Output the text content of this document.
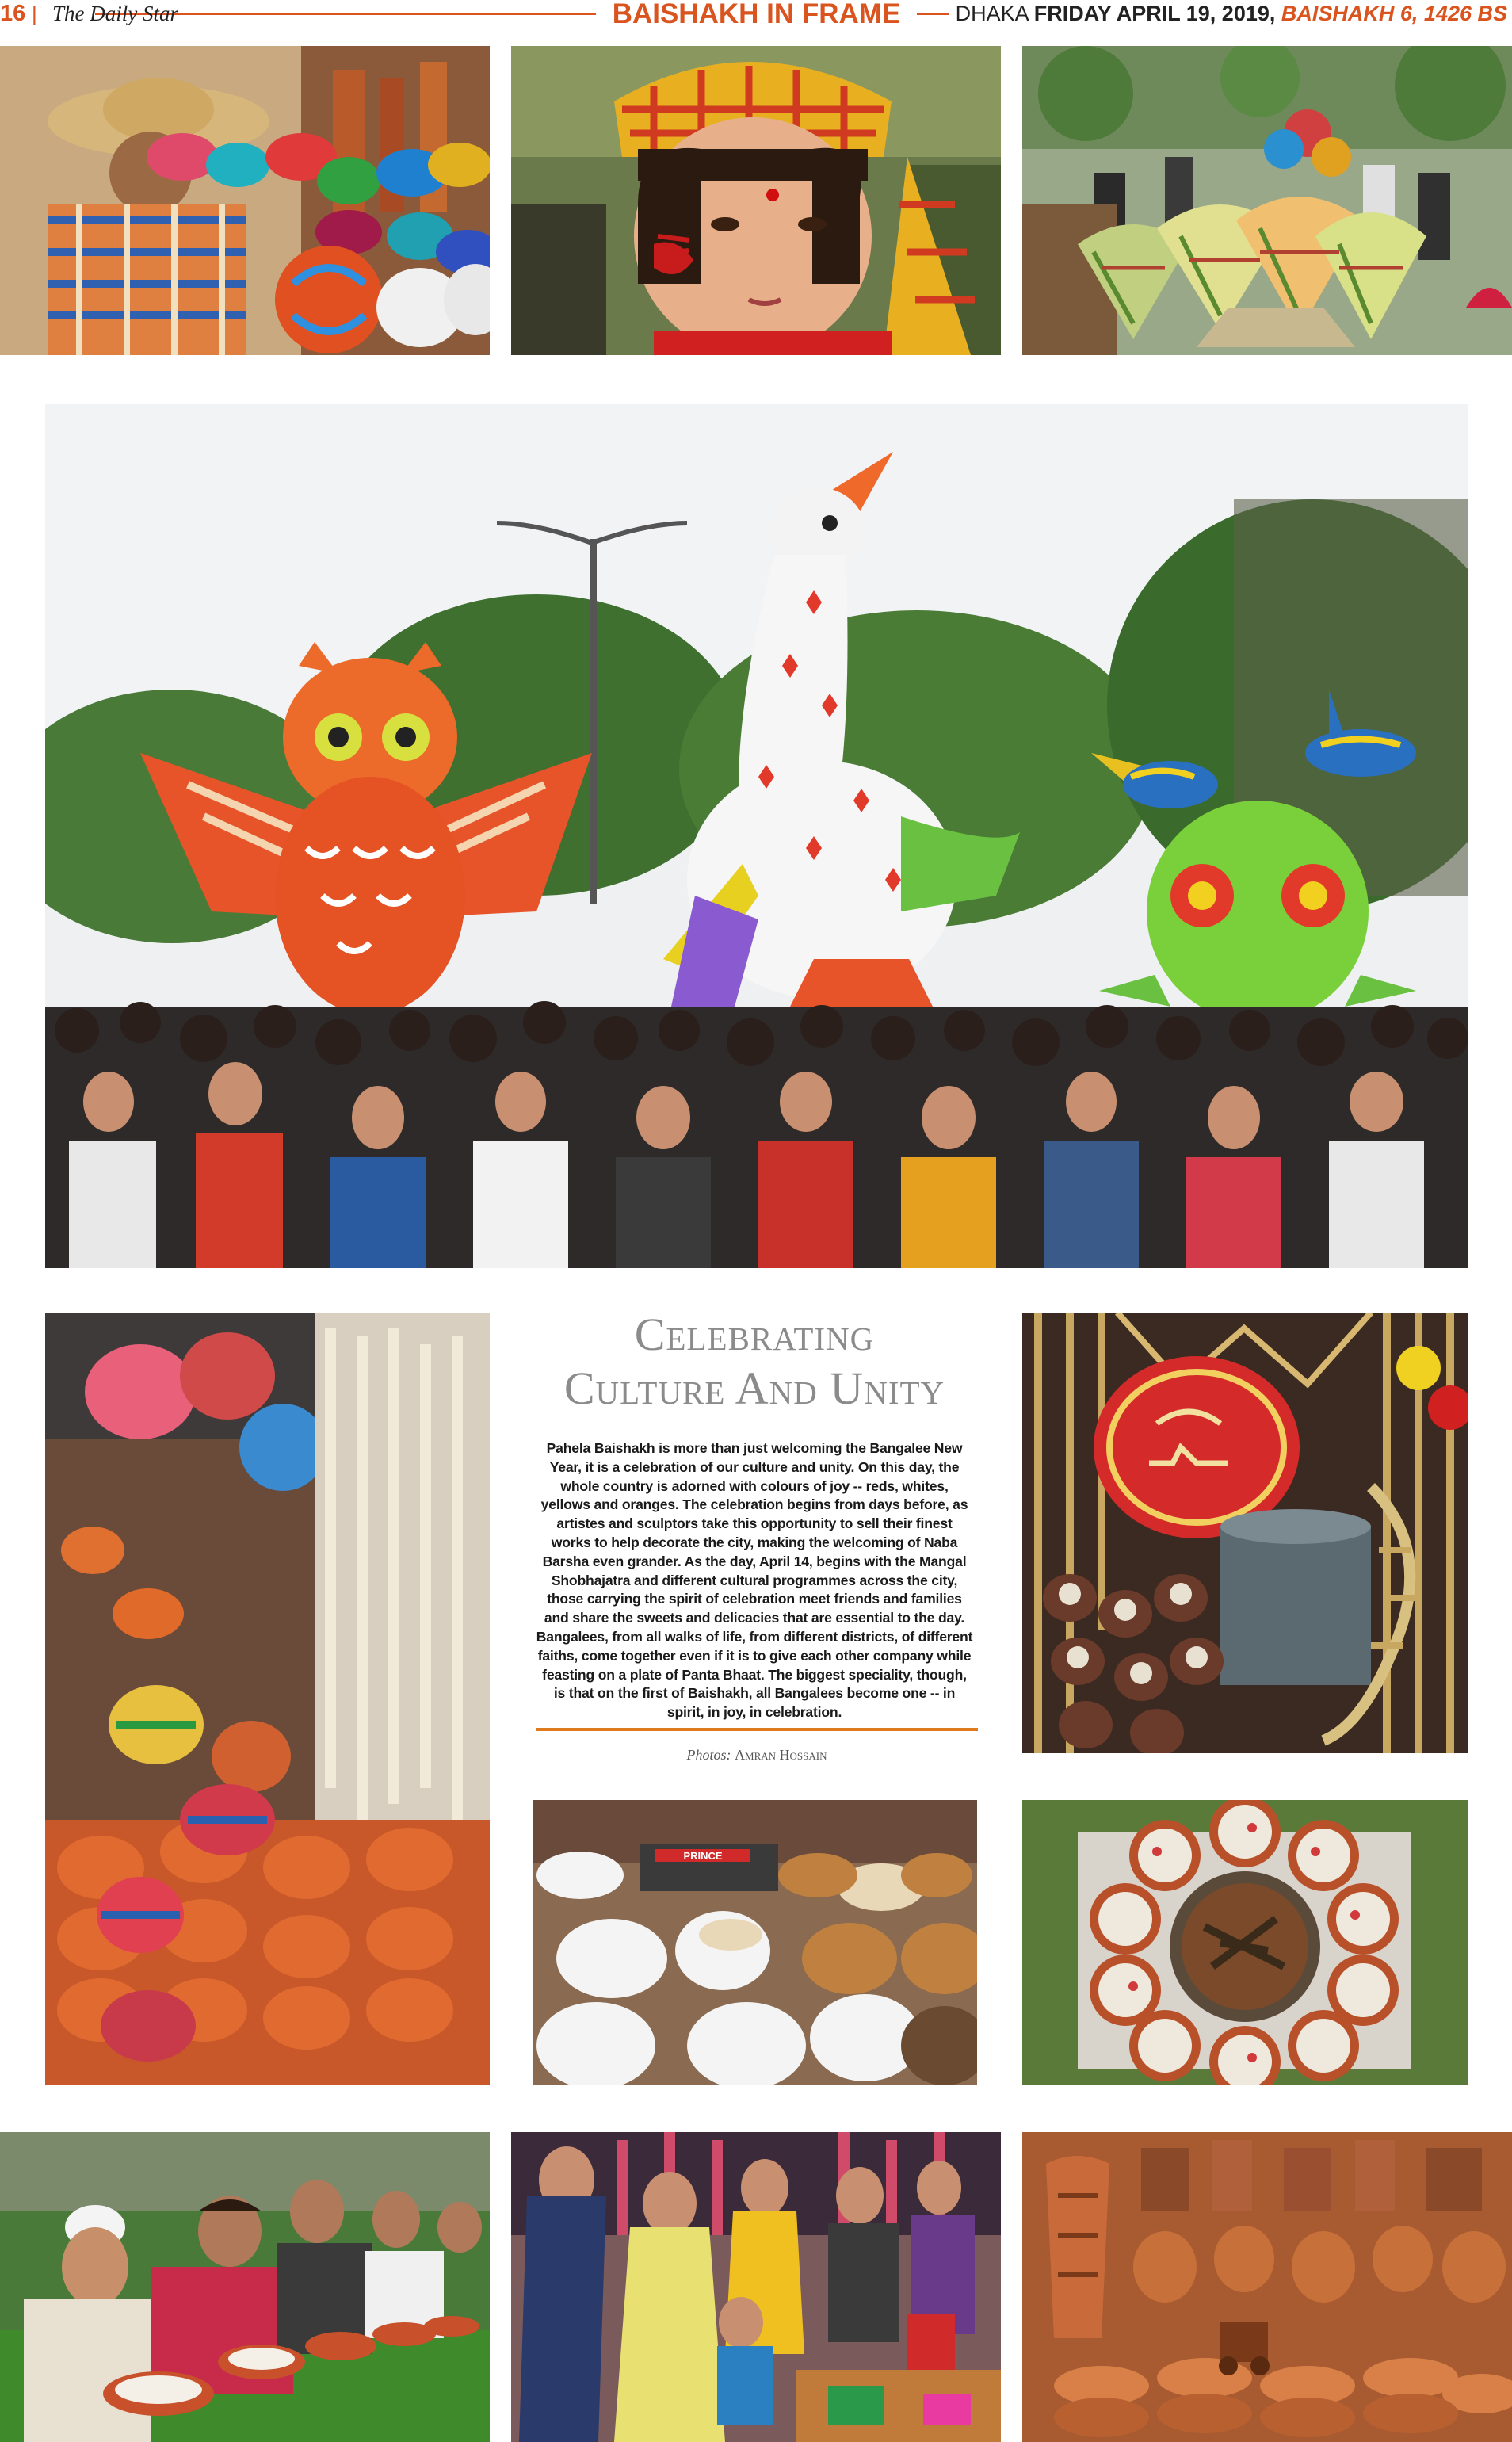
16 | The Daily Star	BAISHAKH IN FRAME	DHAKA FRIDAY APRIL 19, 2019, BAISHAKH 6, 1426 BS
Celebrating
Culture And Unity
Pahela Baishakh is more than just welcoming the Bangalee New Year, it is a celebration of our culture and unity. On this day, the whole country is adorned with colours of joy -- reds, whites, yellows and oranges. The celebration begins from days before, as artistes and sculptors take this opportunity to sell their finest works to help decorate the city, making the welcoming of Naba Barsha even grander. As the day, April 14, begins with the Mangal Shobhajatra and different cultural programmes across the city, those carrying the spirit of celebration meet friends and families and share the sweets and delicacies that are essential to the day. Bangalees, from all walks of life, from different districts, of different faiths, come together even if it is to give each other company while feasting on a plate of Panta Bhaat. The biggest speciality, though, is that on the first of Baishakh, all Bangalees become one -- in spirit, in joy, in celebration.
Photos: Amran Hossain
PRINCE
